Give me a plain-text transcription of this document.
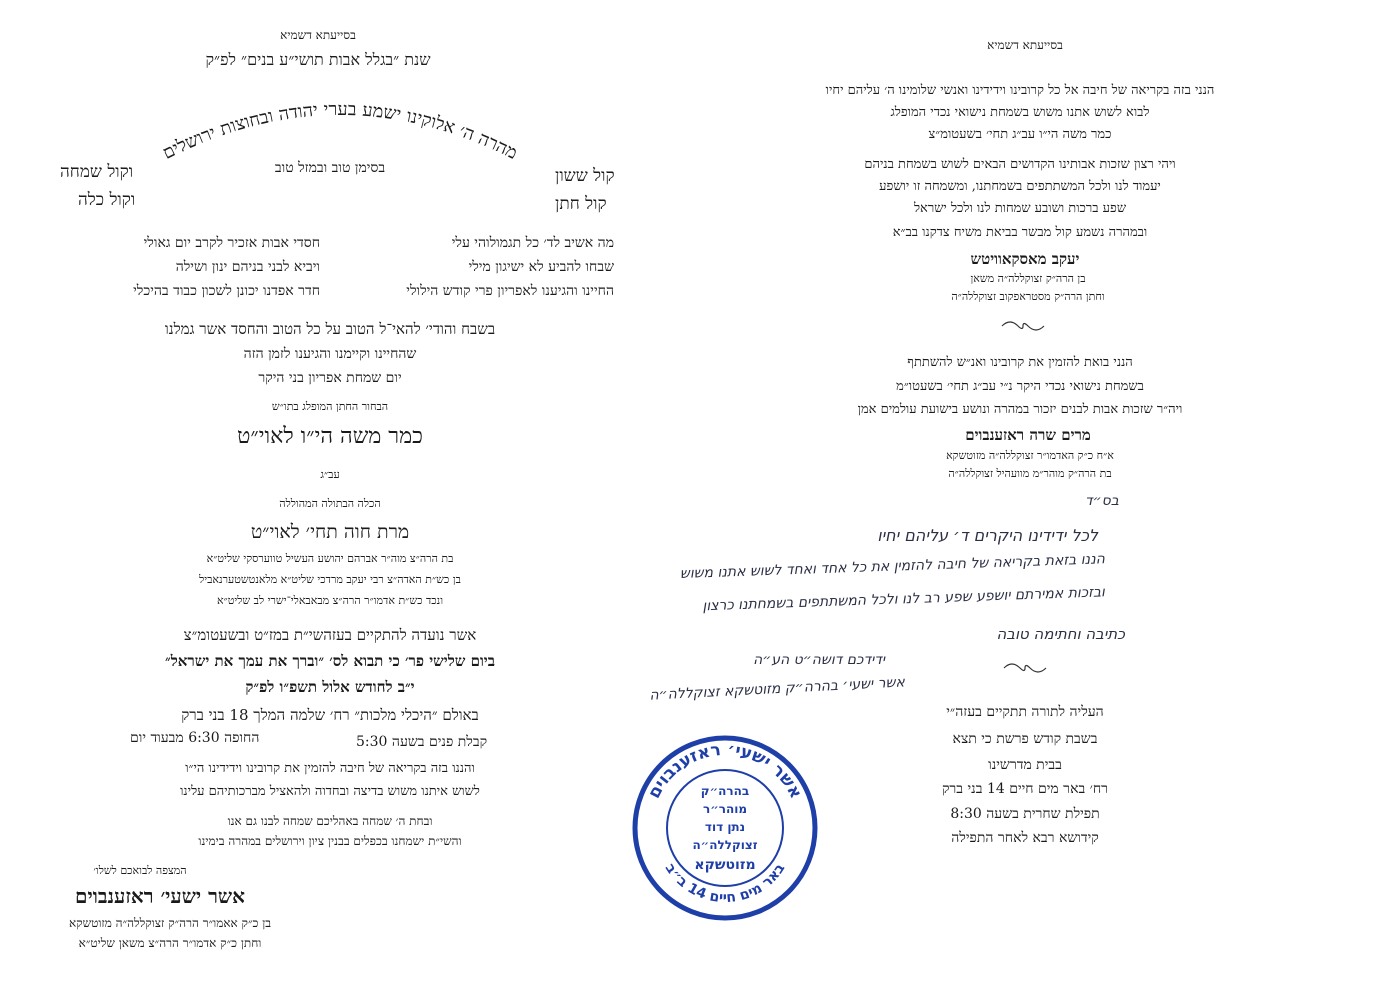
בסייעתא דשמיא
שנת ״בגלל אבות תושי״ע בנים״ לפ״ק
מהרה ה׳ אלוקינו ישמע בערי יהודה ובחוצות ירושלים
בסימן טוב ובמזל טוב	קול ששון
וקול שמחה
קול חתן
וקול כלה
מה אשיב לד׳ כל תגמולוהי עלי
שבחו להביע לא ישיגון מילי
החיינו והגיענו לאפריון פרי קודש הילולי
חסדי אבות אזכיר לקרב יום גאולי
ויביא לבני בניהם ינון ושילה
חדר אפדנו יכונן לשכון כבוד בהיכלי
בשבח והודי׳ להאי־ל הטוב על כל הטוב והחסד אשר גמלנו
שהחיינו וקיימנו והגיענו לזמן הזה
יום שמחת אפריון בני היקר
הבחור החתן המופלג בתו״ש
כמר משה הי״ו לאוי״ט
עב״ג
הכלה הבתולה המהוללה
מרת חוה תחי׳ לאוי״ט
בת הרה״צ מוה״ר אברהם יהושע העשיל טווערסקי שליט״א
בן כש״ת האדה״צ רבי יעקב מרדכי שליט״א מלאנטשטערנאביל
ונכד כש״ת אדמו״ר הרה״צ מבאבאלי־ישרי לב שליט״א
אשר נועדה להתקיים בעזהשי״ת במז״ט ובשעטומ״צ
ביום שלישי פר׳ כי תבוא לס׳ ״וברך את עמך את ישראל״
י״ב לחודש אלול תשפ״ו לפ״ק
באולם ״היכלי מלכות״ רח׳ שלמה המלך 18 בני ברק
קבלת פנים בשעה 5:30
החופה 6:30 מבעוד יום
והננו בזה בקריאה של חיבה להזמין את קרובינו וידידינו הי״ו
לשוש איתנו משוש בדיצה ובחדוה ולהאציל מברכותיהם עלינו
ובחת ה׳ שמחה באהליכם שמחה לבנו גם אנו
והשי״ת ישמחנו בכפלים בבנין ציון וירושלים במהרה בימינו
המצפה לבואכם לשלו׳
אשר ישעי׳ ראזענבוים
בן כ״ק אאמו״ר הרה״ק זצוקללה״ה מזוטשקא
וחתן כ״ק אדמו״ר הרה״צ משאן שליט״א
בסייעתא דשמיא
הנני בזה בקריאה של חיבה אל כל קרובינו וידידינו ואנשי שלומינו ה׳ עליהם יחיו
לבוא לשוש אתנו משוש בשמחת נישואי נכדי המופלג
כמר משה הי״ו עב״ג תחי׳ בשעטומ״צ
ויהי רצון שזכות אבותינו הקדושים הבאים לשוש בשמחת בניהם
יעמוד לנו ולכל המשתתפים בשמחתנו, ומשמחה זו יושפע
שפע ברכות ושובע שמחות לנו ולכל ישראל
ובמהרה נשמע קול מבשר בביאת משיח צדקנו בב״א
יעקב מאסקאוויטש
בן הרה״ק זצוקללה״ה משאן
וחתן הרה״ק מסטראפקוב זצוקללה״ה
הנני בואת להזמין את קרובינו ואנ״ש להשתתף
בשמחת נישואי נכדי היקר נ״י עב״ג תחי׳ בשעטו״מ
ויה״ר שזכות אבות לבנים יזכור במהרה ונושע בישועת עולמים אמן
מרים שרה ראזענבוים
א״ח כ״ק האדמו״ר זצוקללה״ה מזוטשקא
בת הרה״ק מוהר״מ מוועהיל זצוקללה״ה
בס״ד
לכל ידידינו היקרים ד׳ עליהם יחיו
הננו בזאת בקריאה של חיבה להזמין את כל אחד ואחד לשוש אתנו משוש
ובזכות אמירתם יושפע שפע רב לנו ולכל המשתתפים בשמחתנו כרצון
כתיבה וחתימה טובה
ידידכם דושה״ט הע״ה
אשר ישעי׳ בהרה״ק מזוטשקא זצוקללה״ה
העליה לתורה תתקיים בעזה״י
בשבת קודש פרשת כי תצא
בבית מדרשינו
רח׳ באר מים חיים 14 בני ברק
תפילת שחרית בשעה 8:30
קידושא רבא לאחר התפילה
אשר ישעי׳ ראזענבוים
באר מים חיים 14 ב״ב
בהרה״ק
מוהר״ר
נתן דוד
זצוקללה״ה
מזוטשקא
